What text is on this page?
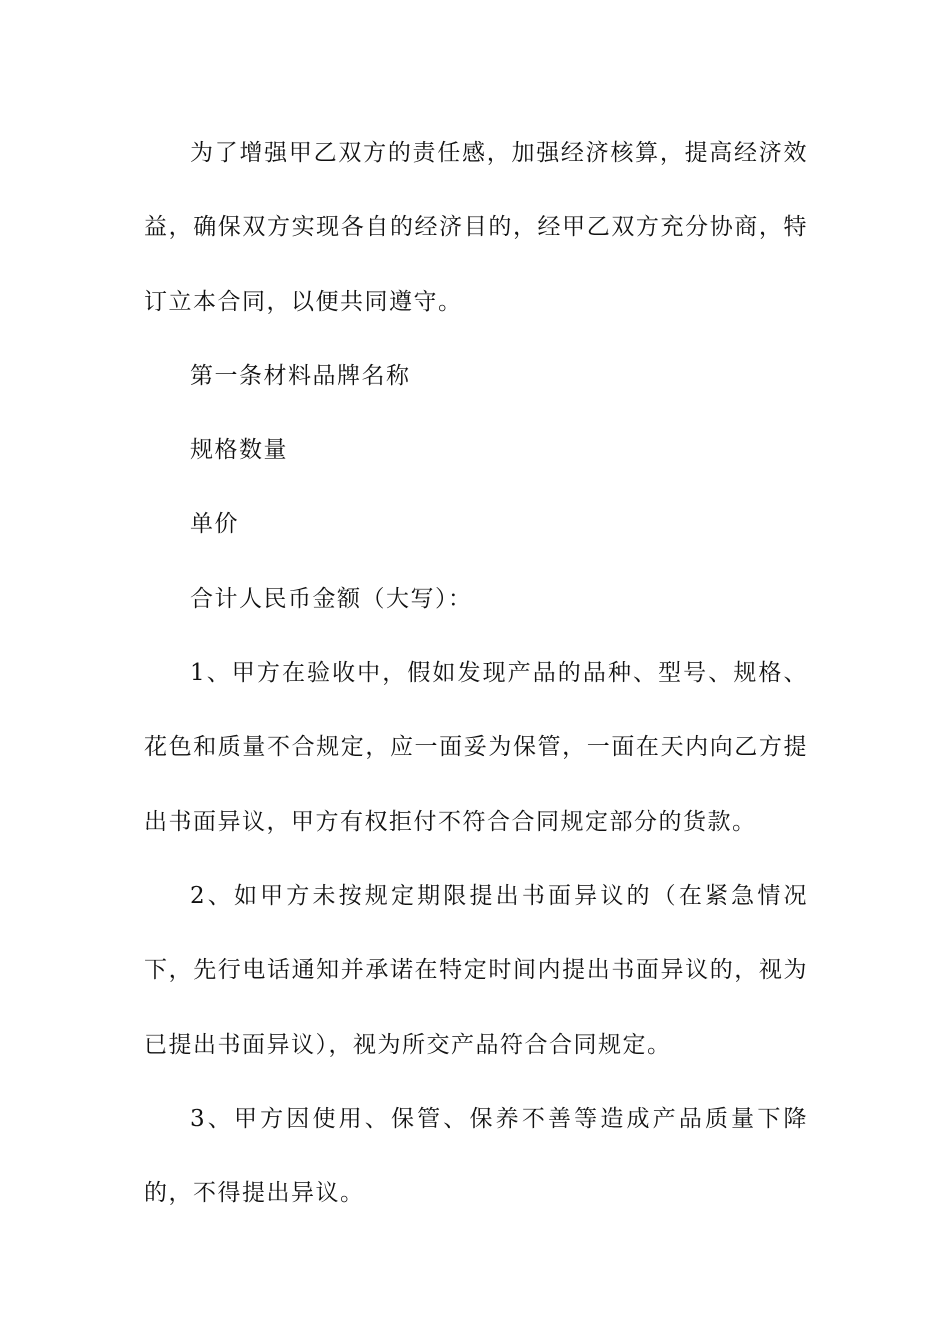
为了增强甲乙双方的责任感，加强经济核算，提高经济效益，确保双方实现各自的经济目的，经甲乙双方充分协商，特订立本合同，以便共同遵守。

第一条材料品牌名称

规格数量

单价

合计人民币金额（大写）：

1、甲方在验收中，假如发现产品的品种、型号、规格、花色和质量不合规定，应一面妥为保管，一面在天内向乙方提出书面异议，甲方有权拒付不符合合同规定部分的货款。

2、如甲方未按规定期限提出书面异议的（在紧急情况下，先行电话通知并承诺在特定时间内提出书面异议的，视为已提出书面异议），视为所交产品符合合同规定。

3、甲方因使用、保管、保养不善等造成产品质量下降的，不得提出异议。
